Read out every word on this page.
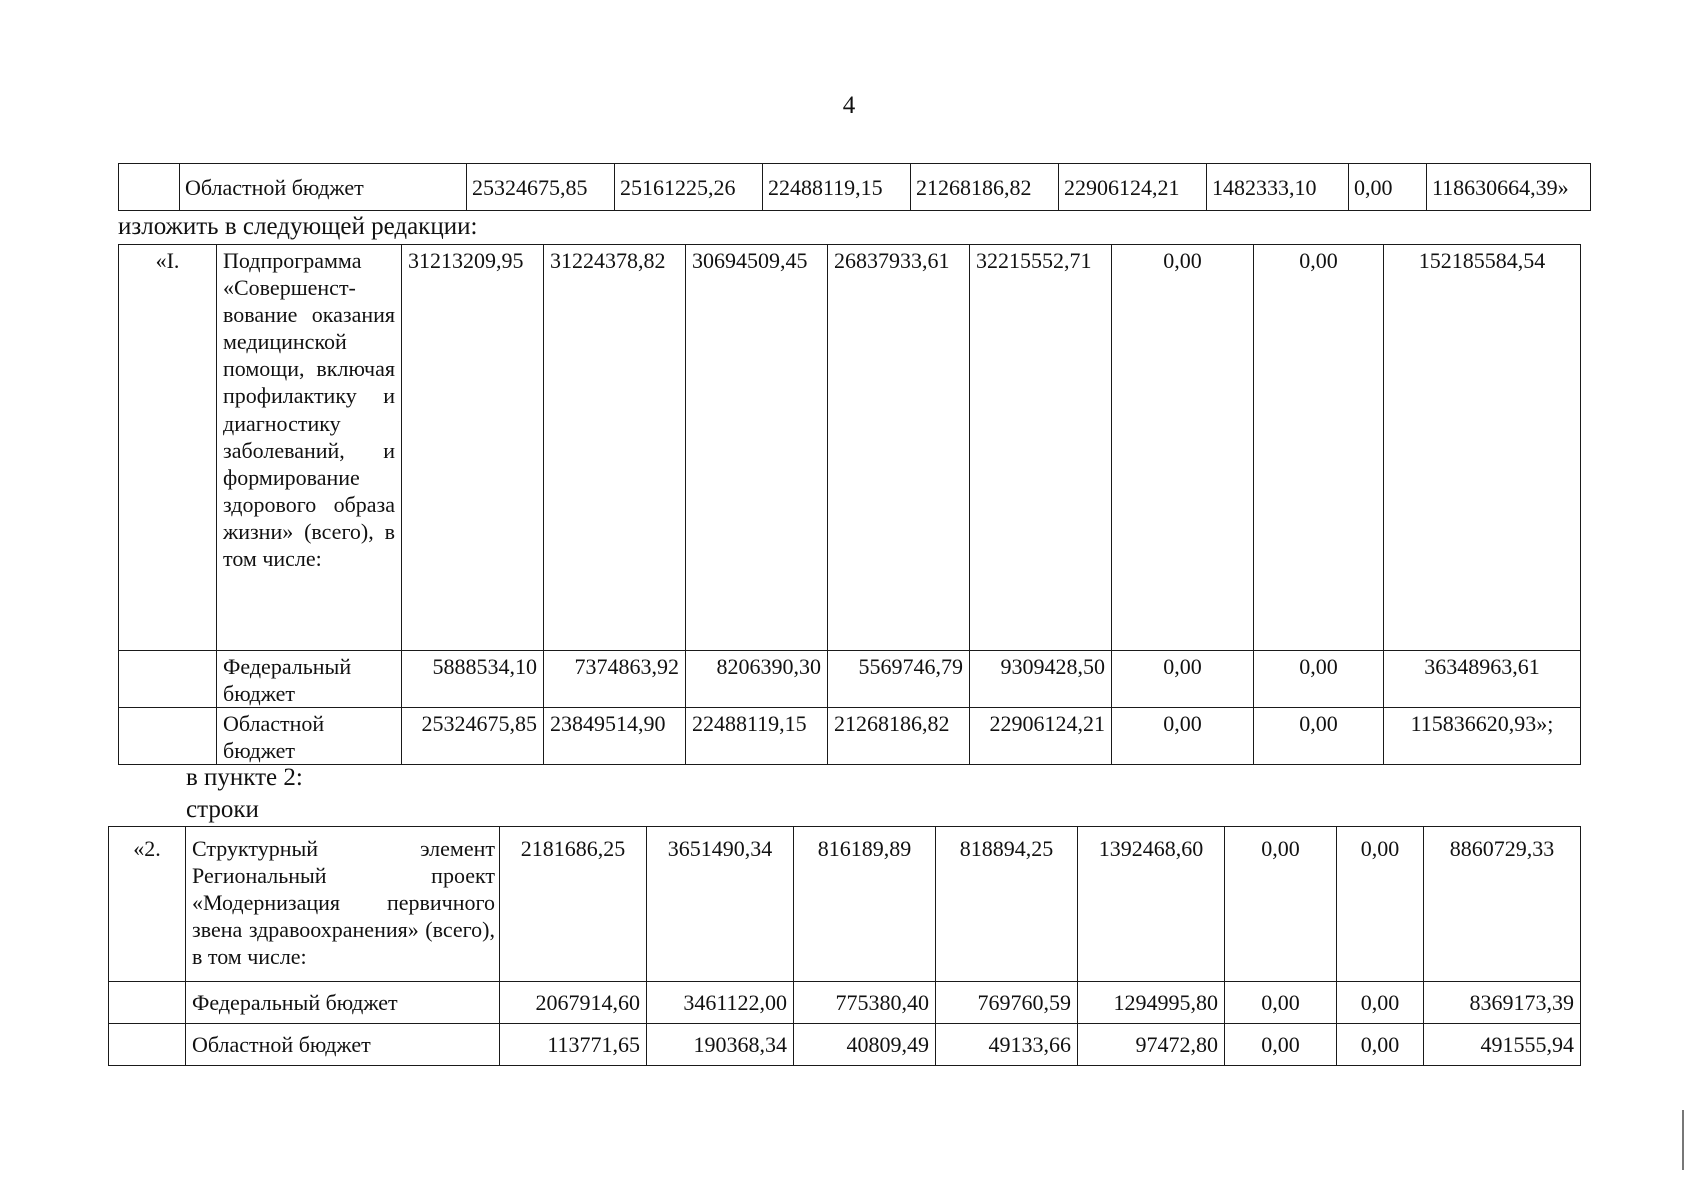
4
	Областной бюджет	25324675,85	25161225,26	22488119,15	21268186,82	22906124,21	1482333,10	0,00	118630664,39»
изложить в следующей редакции:
«I.	Подпрограмма «Совершенст-вование оказания медицинской помощи, включая профилактику и диагностику заболеваний, и формирование здорового образа жизни» (всего), в том числе:	31213209,95	31224378,82	30694509,45	26837933,61	32215552,71	0,00	0,00	152185584,54
	Федеральный бюджет	5888534,10	7374863,92	8206390,30	5569746,79	9309428,50	0,00	0,00	36348963,61
	Областной бюджет	25324675,85	23849514,90	22488119,15	21268186,82	22906124,21	0,00	0,00	115836620,93»;
в пункте 2:
строки
«2.	Структурный элемент Региональный проект «Модернизация первичного звена здравоохранения» (всего), в том числе:	2181686,25	3651490,34	816189,89	818894,25	1392468,60	0,00	0,00	8860729,33
	Федеральный бюджет	2067914,60	3461122,00	775380,40	769760,59	1294995,80	0,00	0,00	8369173,39
	Областной бюджет	113771,65	190368,34	40809,49	49133,66	97472,80	0,00	0,00	491555,94
